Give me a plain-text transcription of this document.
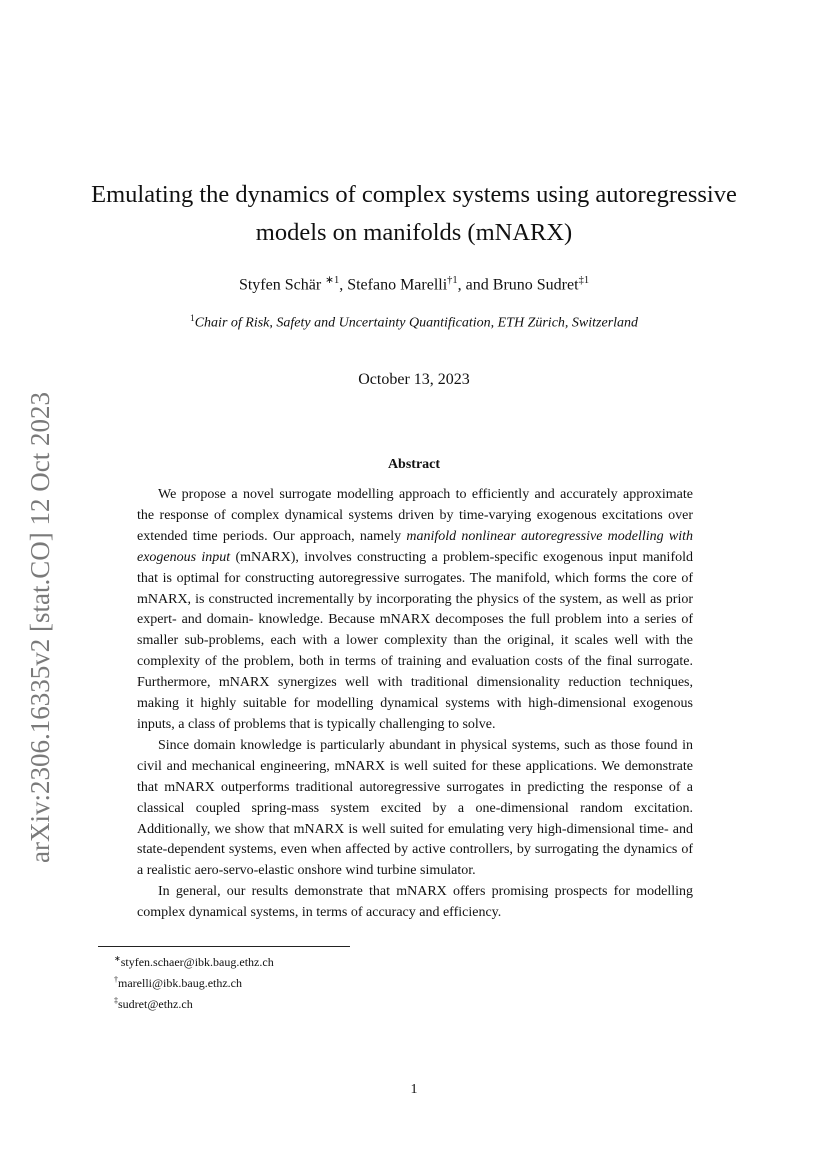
arXiv:2306.16335v2 [stat.CO] 12 Oct 2023
Emulating the dynamics of complex systems using autoregressive
models on manifolds (mNARX)
Styfen Schär $^{∗1}$, Stefano Marelli$^{\dagger 1}$, and Bruno Sudret$^{\ddagger 1}$
$^1$Chair of Risk, Safety and Uncertainty Quantification, ETH Zürich, Switzerland
October 13, 2023
Abstract

We propose a novel surrogate modelling approach to efficiently and accurately approximate the response of complex dynamical systems driven by time-varying exogenous excitations over extended time periods. Our approach, namely manifold nonlinear autoregressive modelling with exogenous input (mNARX), involves constructing a problem-specific exogenous input manifold that is optimal for constructing autoregressive surrogates. The manifold, which forms the core of mNARX, is constructed incrementally by incorporating the physics of the system, as well as prior expert- and domain- knowledge. Because mNARX decomposes the full problem into a series of smaller sub-problems, each with a lower complexity than the original, it scales well with the complexity of the problem, both in terms of training and evaluation costs of the final surrogate. Furthermore, mNARX synergizes well with traditional dimensionality reduction techniques, making it highly suitable for modelling dynamical systems with high-dimensional exogenous inputs, a class of problems that is typically challenging to solve.

Since domain knowledge is particularly abundant in physical systems, such as those found in civil and mechanical engineering, mNARX is well suited for these applications. We demonstrate that mNARX outperforms traditional autoregressive surrogates in predicting the response of a classical coupled spring-mass system excited by a one-dimensional random excitation. Additionally, we show that mNARX is well suited for emulating very high-dimensional time- and state-dependent systems, even when affected by active controllers, by surrogating the dynamics of a realistic aero-servo-elastic onshore wind turbine simulator.

In general, our results demonstrate that mNARX offers promising prospects for modelling complex dynamical systems, in terms of accuracy and efficiency.

∗styfen.schaer@ibk.baug.ethz.ch
†marelli@ibk.baug.ethz.ch
‡sudret@ethz.ch
1
